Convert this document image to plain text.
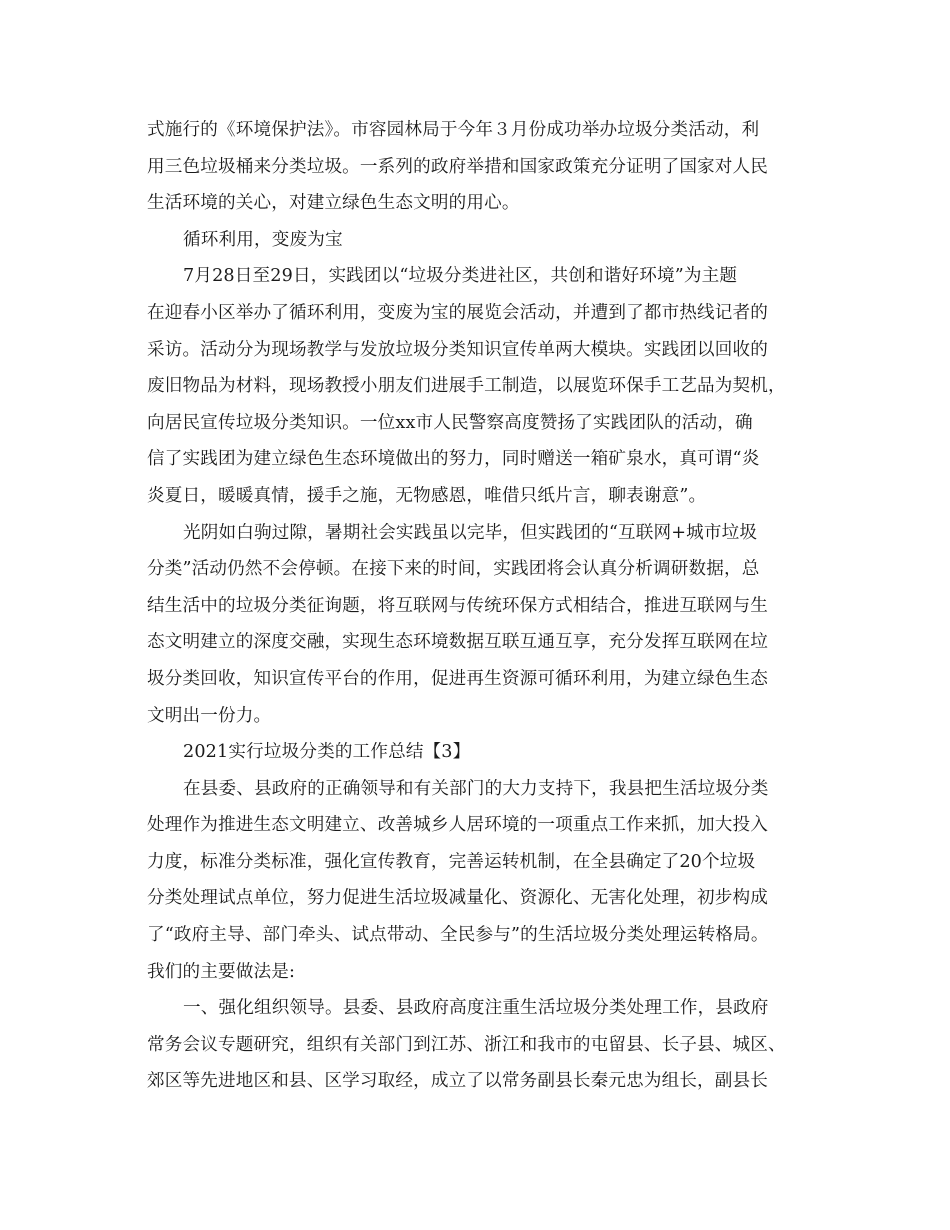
式施行的《环境保护法》。市容园林局于今年３月份成功举办垃圾分类活动，利
用三色垃圾桶来分类垃圾。一系列的政府举措和国家政策充分证明了国家对人民
生活环境的关心，对建立绿色生态文明的用心。
循环利用，变废为宝
7月28日至29日，实践团以“垃圾分类进社区，共创和谐好环境”为主题
在迎春小区举办了循环利用，变废为宝的展览会活动，并遭到了都市热线记者的
采访。活动分为现场教学与发放垃圾分类知识宣传单两大模块。实践团以回收的
废旧物品为材料，现场教授小朋友们进展手工制造，以展览环保手工艺品为契机，
向居民宣传垃圾分类知识。一位xx市人民警察高度赞扬了实践团队的活动，确
信了实践团为建立绿色生态环境做出的努力，同时赠送一箱矿泉水，真可谓“炎
炎夏日，暖暖真情，援手之施，无物感恩，唯借只纸片言，聊表谢意”。
光阴如白驹过隙，暑期社会实践虽以完毕，但实践团的“互联网+城市垃圾
分类”活动仍然不会停顿。在接下来的时间，实践团将会认真分析调研数据，总
结生活中的垃圾分类征询题，将互联网与传统环保方式相结合，推进互联网与生
态文明建立的深度交融，实现生态环境数据互联互通互享，充分发挥互联网在垃
圾分类回收，知识宣传平台的作用，促进再生资源可循环利用，为建立绿色生态
文明出一份力。
2021实行垃圾分类的工作总结【3】
在县委、县政府的正确领导和有关部门的大力支持下，我县把生活垃圾分类
处理作为推进生态文明建立、改善城乡人居环境的一项重点工作来抓，加大投入
力度，标准分类标准，强化宣传教育，完善运转机制，在全县确定了20个垃圾
分类处理试点单位，努力促进生活垃圾减量化、资源化、无害化处理，初步构成
了“政府主导、部门牵头、试点带动、全民参与”的生活垃圾分类处理运转格局。
我们的主要做法是:
一、强化组织领导。县委、县政府高度注重生活垃圾分类处理工作，县政府
常务会议专题研究，组织有关部门到江苏、浙江和我市的屯留县、长子县、城区、
郊区等先进地区和县、区学习取经，成立了以常务副县长秦元忠为组长，副县长
